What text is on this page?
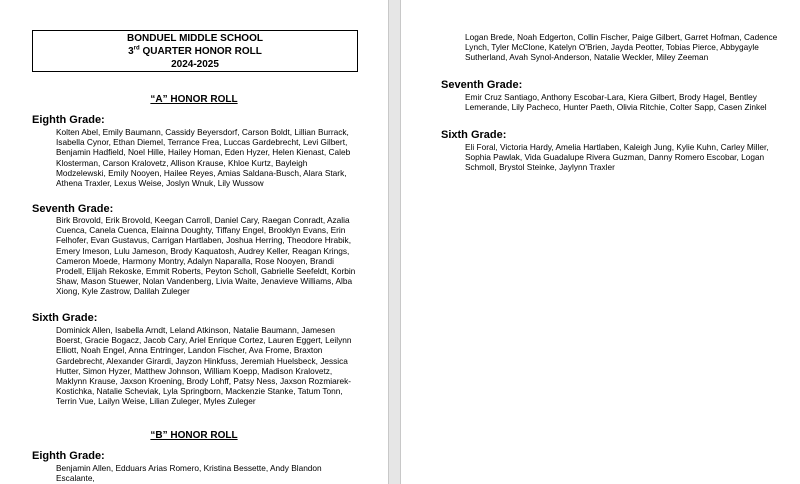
BONDUEL MIDDLE SCHOOL
3rd QUARTER HONOR ROLL
2024-2025
“A” HONOR ROLL
Eighth Grade:

Kolten Abel, Emily Baumann, Cassidy Beyersdorf, Carson Boldt, Lillian Burrack, Isabella Cynor, Ethan Diemel, Terrance Frea, Luccas Gardebrecht, Levi Gilbert, Benjamin Hadfield, Noel Hille, Hailey Homan, Eden Hyzer, Helen Kienast, Caleb Klosterman, Carson Kralovetz, Allison Krause, Khloe Kurtz, Bayleigh Modzelewski, Emily Nooyen, Hailee Reyes, Amias Saldana-Busch, Alara Stark, Athena Traxler, Lexus Weise, Joslyn Wnuk, Lily Wussow

Seventh Grade:

Birk Brovold, Erik Brovold, Keegan Carroll, Daniel Cary, Raegan Conradt, Azalia Cuenca, Canela Cuenca, Elainna Doughty, Tiffany Engel, Brooklyn Evans, Erin Felhofer, Evan Gustavus, Carrigan Hartlaben, Joshua Herring, Theodore Hrabik, Emery Imeson, Lulu Jameson, Brody Kaquatosh, Audrey Keller, Reagan Krings, Cameron Moede, Harmony Montry, Adalyn Naparalla, Rose Nooyen, Brandi Prodell, Elijah Rekoske, Emmit Roberts, Peyton Scholl, Gabrielle Seefeldt, Korbin Shaw, Mason Stuewer, Nolan Vandenberg, Livia Waite, Jenavieve Williams, Alba Xiong, Kyle Zastrow, Dalilah Zuleger

Sixth Grade:

Dominick Allen, Isabella Arndt, Leland Atkinson, Natalie Baumann, Jamesen Boerst, Gracie Bogacz, Jacob Cary, Ariel Enrique Cortez, Lauren Eggert, Leilynn Elliott, Noah Engel, Anna Entringer, Landon Fischer, Ava Frome, Braxton Gardebrecht, Alexander Girardi, Jayzon Hinkfuss, Jeremiah Huelsbeck, Jessica Hutter, Simon Hyzer, Matthew Johnson, William Koepp, Madison Kralovetz, Maklynn Krause, Jaxson Kroening, Brody Lohff, Patsy Ness, Jaxson Rozmiarek-Kostichka, Natalie Scheviak, Lyla Springborn, Mackenzie Stanke, Tatum Tonn, Terrin Vue, Lailyn Weise, Lilian Zuleger, Myles Zuleger

“B” HONOR ROLL
Eighth Grade:

Benjamin Allen, Edduars Arias Romero, Kristina Bessette, Andy Blandon Escalante,

Logan Brede, Noah Edgerton, Collin Fischer, Paige Gilbert, Garret Hofman, Cadence Lynch, Tyler McClone, Katelyn O'Brien, Jayda Peotter, Tobias Pierce, Abbygayle Sutherland, Avah Synol-Anderson, Natalie Weckler, Miley Zeeman

Seventh Grade:

Emir Cruz Santiago, Anthony Escobar-Lara, Kiera Gilbert, Brody Hagel, Bentley Lemerande, Lily Pacheco, Hunter Paeth, Olivia Ritchie, Colter Sapp, Casen Zinkel

Sixth Grade:

Eli Foral, Victoria Hardy, Amelia Hartlaben, Kaleigh Jung, Kylie Kuhn, Carley Miller, Sophia Pawlak, Vida Guadalupe Rivera Guzman, Danny Romero Escobar, Logan Schmoll, Brystol Steinke, Jaylynn Traxler
